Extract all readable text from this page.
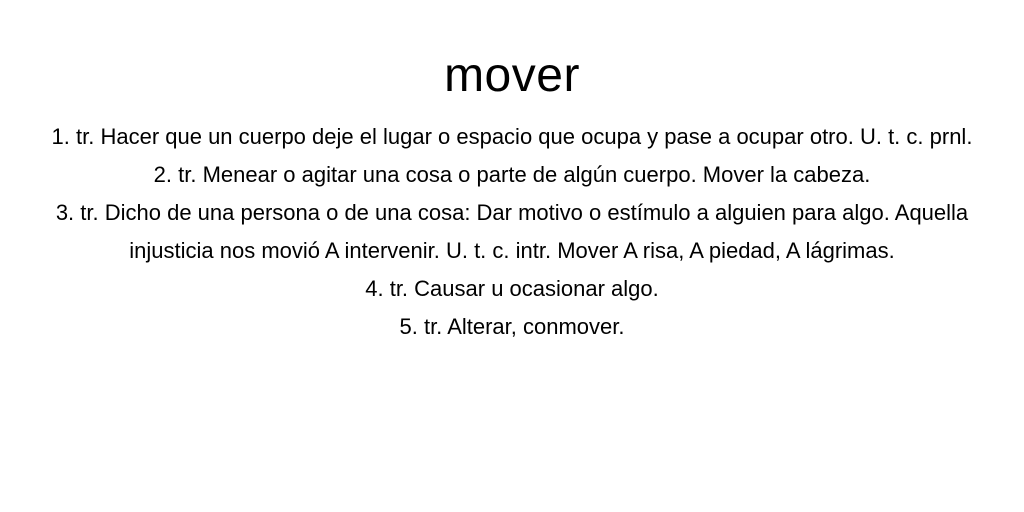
mover
1. tr. Hacer que un cuerpo deje el lugar o espacio que ocupa y pase a ocupar otro. U. t. c. prnl.
2. tr. Menear o agitar una cosa o parte de algún cuerpo. Mover la cabeza.
3. tr. Dicho de una persona o de una cosa: Dar motivo o estímulo a alguien para algo. Aquella injusticia nos movió A intervenir. U. t. c. intr. Mover A risa, A piedad, A lágrimas.
4. tr. Causar u ocasionar algo.
5. tr. Alterar, conmover.
